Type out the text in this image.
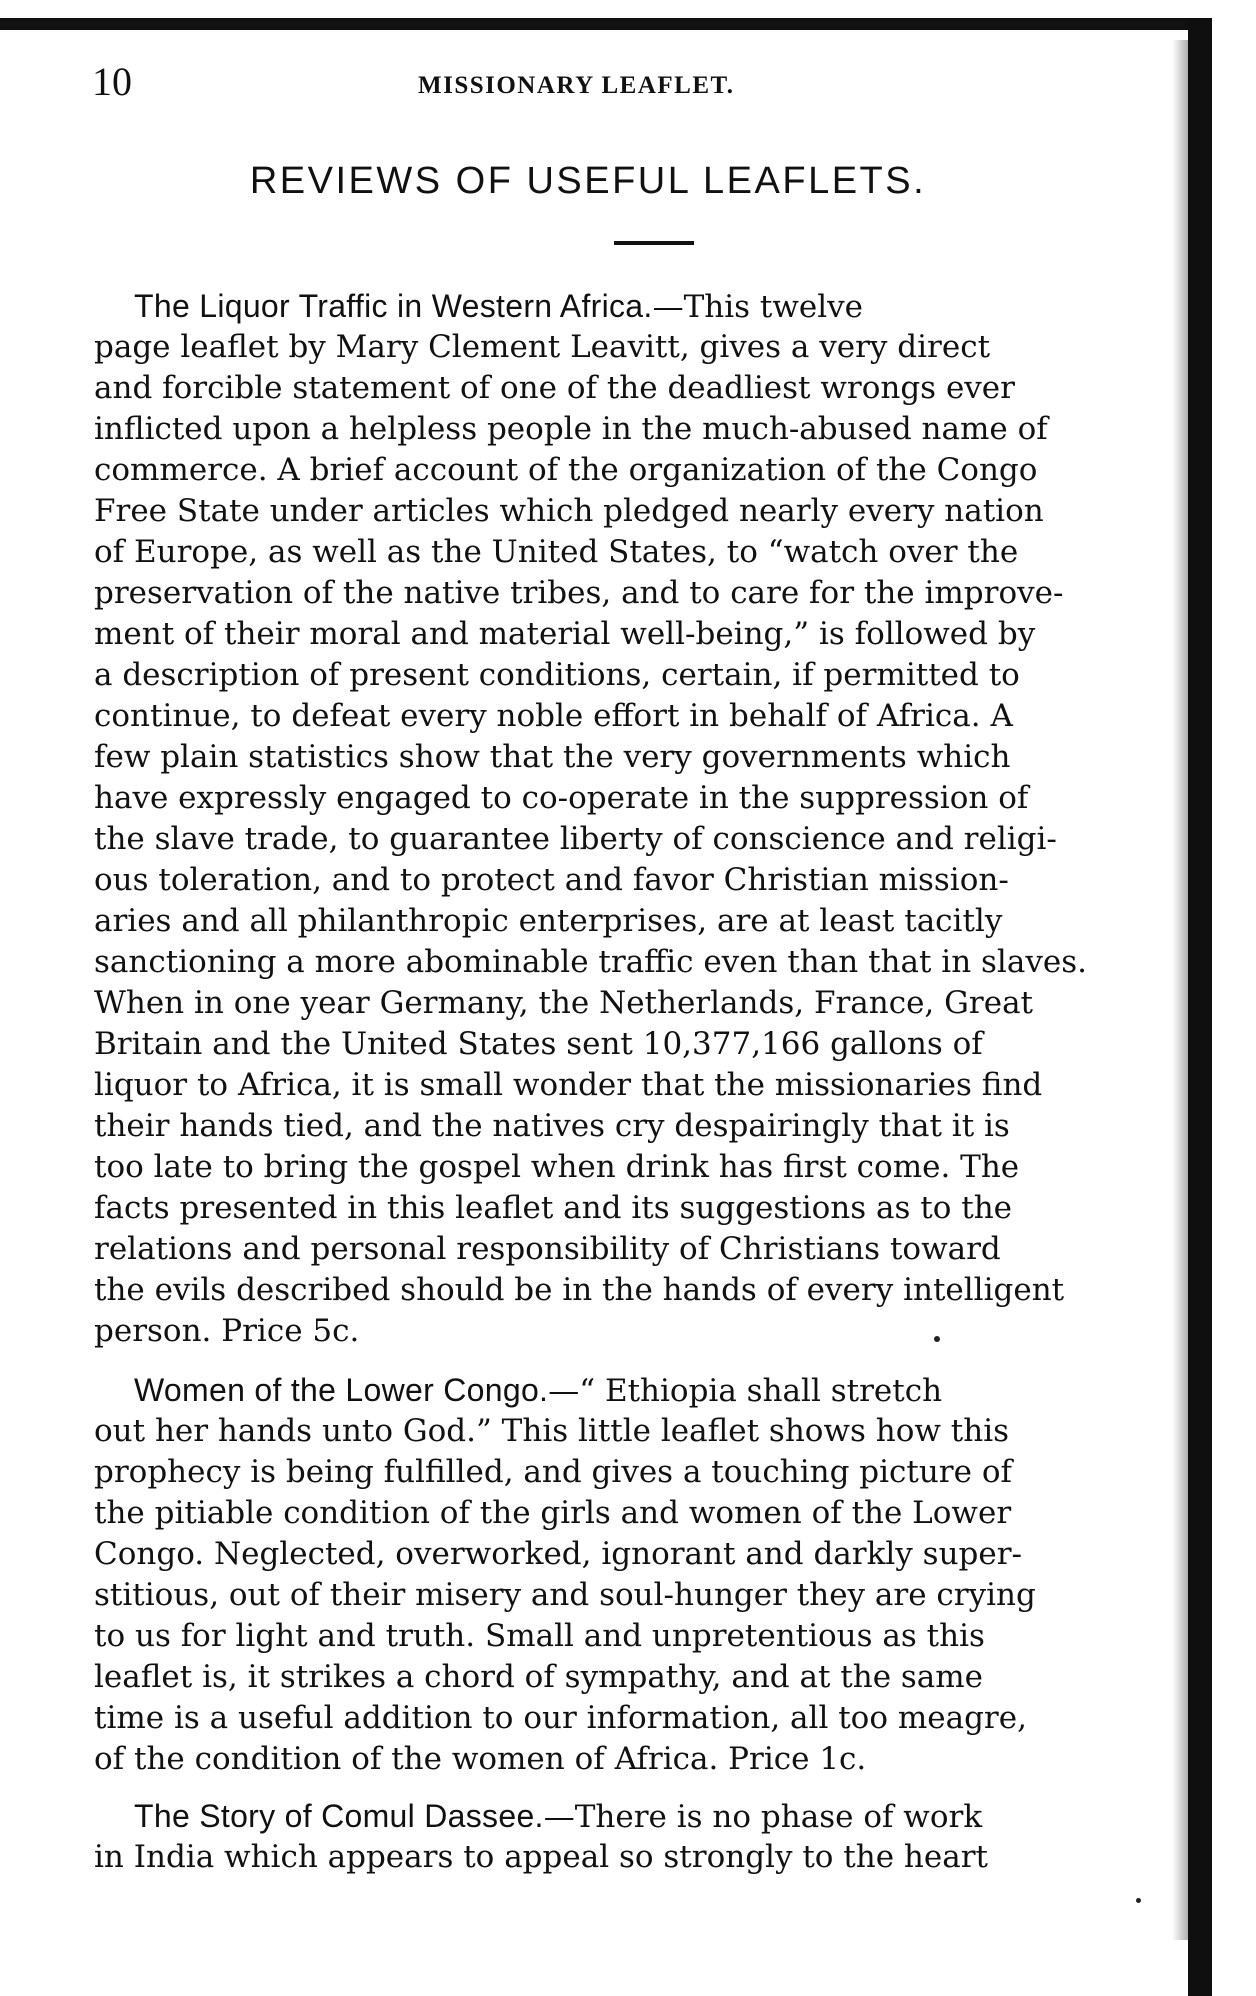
10	MISSIONARY LEAFLET.
REVIEWS OF USEFUL LEAFLETS.
The Liquor Traffic in Western Africa.—This twelve
page leaflet by Mary Clement Leavitt, gives a very direct
and forcible statement of one of the deadliest wrongs ever
inflicted upon a helpless people in the much-abused name of
commerce. A brief account of the organization of the Congo
Free State under articles which pledged nearly every nation
of Europe, as well as the United States, to “watch over the
preservation of the native tribes, and to care for the improve-
ment of their moral and material well-being,” is followed by
a description of present conditions, certain, if permitted to
continue, to defeat every noble effort in behalf of Africa. A
few plain statistics show that the very governments which
have expressly engaged to co-operate in the suppression of
the slave trade, to guarantee liberty of conscience and religi-
ous toleration, and to protect and favor Christian mission-
aries and all philanthropic enterprises, are at least tacitly
sanctioning a more abominable traffic even than that in slaves.
When in one year Germany, the Netherlands, France, Great
Britain and the United States sent 10,377,166 gallons of
liquor to Africa, it is small wonder that the missionaries find
their hands tied, and the natives cry despairingly that it is
too late to bring the gospel when drink has first come. The
facts presented in this leaflet and its suggestions as to the
relations and personal responsibility of Christians toward
the evils described should be in the hands of every intelligent
person. Price 5c.
Women of the Lower Congo.—“ Ethiopia shall stretch
out her hands unto God.” This little leaflet shows how this
prophecy is being fulfilled, and gives a touching picture of
the pitiable condition of the girls and women of the Lower
Congo. Neglected, overworked, ignorant and darkly super-
stitious, out of their misery and soul-hunger they are crying
to us for light and truth. Small and unpretentious as this
leaflet is, it strikes a chord of sympathy, and at the same
time is a useful addition to our information, all too meagre,
of the condition of the women of Africa. Price 1c.
The Story of Comul Dassee.—There is no phase of work
in India which appears to appeal so strongly to the heart
